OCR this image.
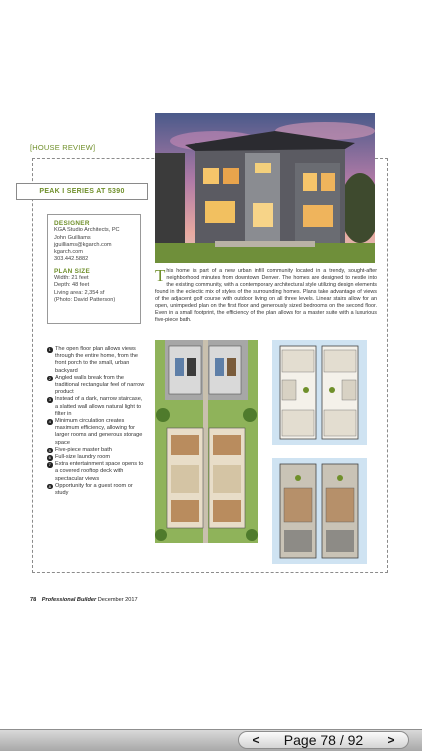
[HOUSE REVIEW]
PEAK I SERIES AT 5390
DESIGNER
KGA Studio Architects, PC
John Guilliams
jguilliams@kgarch.com
kgarch.com
303.442.5882
PLAN SIZE
Width: 21 feet
Depth: 48 feet
Living area: 2,354 sf
(Photo: David Patterson)
This home is part of a new urban infill community located in a trendy, sought-after neighborhood minutes from downtown Denver. The homes are designed to nestle into the existing community, with a contemporary architectural style utilizing design elements found in the eclectic mix of styles of the surrounding homes. Plans take advantage of views of the adjacent golf course with outdoor living on all three levels. Linear stairs allow for an open, unimpeded plan on the first floor and generously sized bedrooms on the second floor. Even in a small footprint, the efficiency of the plan allows for a master suite with a luxurious five-piece bath.
1 The open floor plan allows views through the entire home, from the front porch to the small, urban backyard
2 Angled walls break from the traditional rectangular feel of narrow product
3 Instead of a dark, narrow staircase, a slatted wall allows natural light to filter in
4 Minimum circulation creates maximum efficiency, allowing for larger rooms and generous storage space
5 Five-piece master bath
6 Full-size laundry room
7 Extra entertainment space opens to a covered rooftop deck with spectacular views
8 Opportunity for a guest room or study
78 Professional Builder December 2017
<	Page 78 / 92	>
